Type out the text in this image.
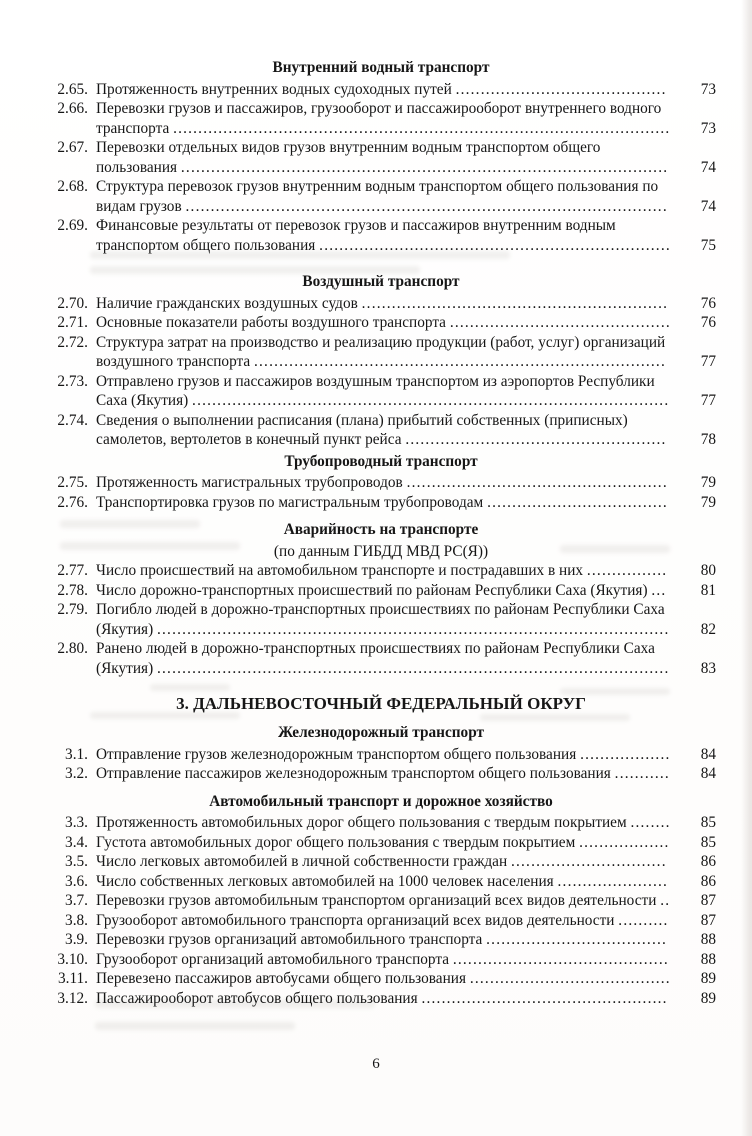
Внутренний водный транспорт
2.65. Протяженность внутренних водных судоходных путей ..........................................	73
2.66. Перевозки грузов и пассажиров, грузооборот и пассажирооборот внутреннего водного транспорта ...................................................................................................	73
2.67. Перевозки отдельных видов грузов внутренним водным транспортом общего пользования .................................................................................................	74
2.68. Структура перевозок грузов внутренним водным транспортом общего пользования по видам грузов ................................................................................................	74
2.69. Финансовые результаты от перевозок грузов и пассажиров внутренним водным транспортом общего пользования ......................................................................	75
Воздушный транспорт
2.70. Наличие гражданских воздушных судов .............................................................	76
2.71. Основные показатели работы воздушного транспорта ............................................	76
2.72. Структура затрат на производство и реализацию продукции (работ, услуг) организаций воздушного транспорта ..................................................................................	77
2.73. Отправлено грузов и пассажиров воздушным транспортом из аэропортов Республики Саха (Якутия) ...............................................................................................	77
2.74. Сведения о выполнении расписания (плана) прибытий собственных (приписных) самолетов, вертолетов в конечный пункт рейса ....................................................	78
Трубопроводный транспорт
2.75. Протяженность магистральных трубопроводов ....................................................	79
2.76. Транспортировка грузов по магистральным трубопроводам ....................................	79
Аварийность на транспорте

(по данным ГИБДД МВД РС(Я))

2.77. Число происшествий на автомобильном транспорте и пострадавших в них ................	80
2.78. Число дорожно-транспортных происшествий по районам Республики Саха (Якутия) ...	81
2.79. Погибло людей в дорожно-транспортных происшествиях по районам Республики Саха (Якутия) ......................................................................................................	82
2.80. Ранено людей в дорожно-транспортных происшествиях по районам Республики Саха (Якутия) ......................................................................................................	83
3. ДАЛЬНЕВОСТОЧНЫЙ ФЕДЕРАЛЬНЫЙ ОКРУГ
Железнодорожный транспорт
3.1. Отправление грузов железнодорожным транспортом общего пользования ..................	84
3.2. Отправление пассажиров железнодорожным транспортом общего пользования ...........	84
Автомобильный транспорт и дорожное хозяйство
3.3. Протяженность автомобильных дорог общего пользования с твердым покрытием ........	85
3.4. Густота автомобильных дорог общего пользования с твердым покрытием ..................	85
3.5. Число легковых автомобилей в личной собственности граждан ...............................	86
3.6. Число собственных легковых автомобилей на 1000 человек населения ......................	86
3.7. Перевозки грузов автомобильным транспортом организаций всех видов деятельности ..	87
3.8. Грузооборот автомобильного транспорта организаций всех видов деятельности ..........	87
3.9. Перевозки грузов организаций автомобильного транспорта ....................................	88
3.10. Грузооборот организаций автомобильного транспорта ...........................................	88
3.11. Перевезено пассажиров автобусами общего пользования ........................................	89
3.12. Пассажирооборот автобусов общего пользования .................................................	89
6
